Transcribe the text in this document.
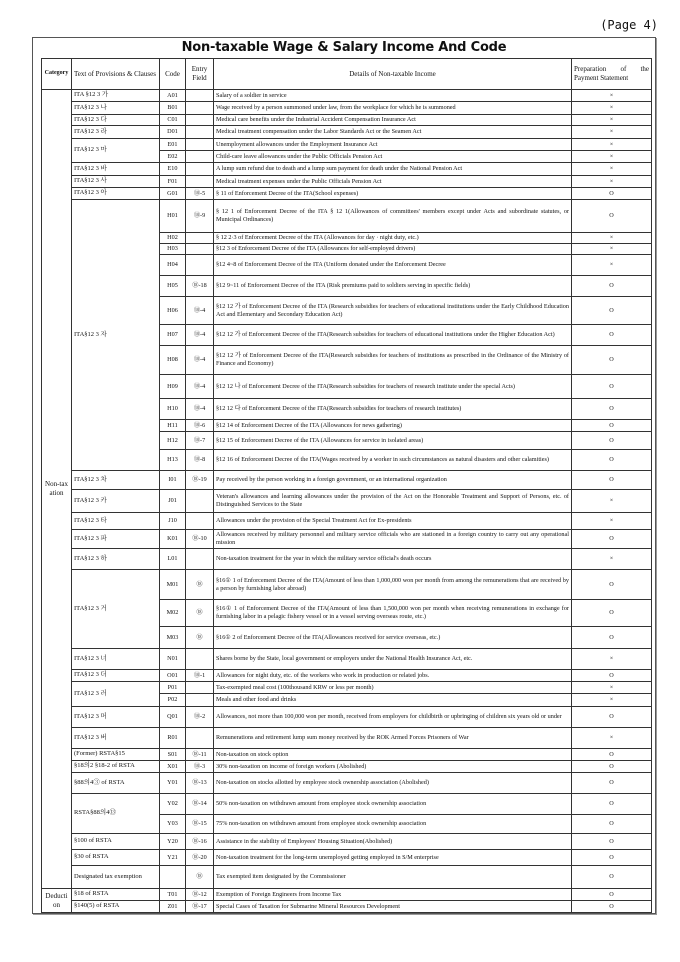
(Page 4)
Non-taxable Wage & Salary Income And Code
Category	Text of Provisions & Clauses	Code	Entry Field	Details of Non-taxable Income	Preparation of the Payment Statement
Non-taxation	ITA §12 3 가	A01		Salary of a soldier in service	×
	ITA§12 3 나	B01		Wage received by a person summoned under law, from the workplace for which he is summoned	×
	ITA§12 3 다	C01		Medical care benefits under the Industrial Accident Compensation Insurance Act	×
	ITA§12 3 라	D01		Medical treatment compensation under the Labor Standards Act or the Seamen Act	×
	ITA§12 3 마	E01		Unemployment allowances under the Employment Insurance Act	×
		E02		Child-care leave allowances under the Public Officials Pension Act	×
	ITA§12 3 바	E10		A lump sum refund due to death and a lump sum payment for death under the National Pension Act	×
	ITA§12 3 사	F01		Medical treatment expenses under the Public Officials Pension Act	×
	ITA§12 3 아	G01	⑱-5	§ 11 of Enforcement Decree of the ITA(School expenses)	O
	ITA§12 3 자	H01	⑱-9	§ 12 1 of Enforcement Decree of the ITA § 12 1(Allowances of committees' members except under Acts and subordinate statutes, or Municipal Ordinances)	O
		H02		§ 12 2·3 of Enforcement Decree of the ITA (Allowances for day · night duty, etc.)	×
		H03		§12 3 of Enforcement Decree of the ITA (Allowances for self-employed drivers)	×
		H04		§12 4~8 of Enforcement Decree of the ITA (Uniform donated under the Enforcement Decree	×
		H05	⑱-18	§12 9~11 of Enforcement Decree of the ITA (Risk premiums paid to soldiers serving in specific fields)	O
		H06	⑱-4	§12 12 가 of Enforcement Decree of the ITA (Research subsidies for teachers of educational institutions under the Early Childhood Education Act and Elementary and Secondary Education Act)	O
		H07	⑱-4	§12 12 가 of Enforcement Decree of the ITA(Research subsidies for teachers of educational institutions under the Higher Education Act)	O
		H08	⑱-4	§12 12 가 of Enforcement Decree of the ITA(Research subsidies for teachers of institutions as prescribed in the Ordinance of the Ministry of Finance and Economy)	O
		H09	⑱-4	§12 12 나 of Enforcement Decree of the ITA(Research subsidies for teachers of research institute under the special Acts)	O
		H10	⑱-4	§12 12 다 of Enforcement Decree of the ITA(Research subsidies for teachers of research institutes)	O
		H11	⑱-6	§12 14 of Enforcement Decree of the ITA (Allowances for news gathering)	O
		H12	⑱-7	§12 15 of Enforcement Decree of the ITA (Allowances for service in isolated areas)	O
		H13	⑱-8	§12 16 of Enforcement Decree of the ITA(Wages received by a worker in such circumstances as natural disasters and other calamities)	O
	ITA§12 3 차	I01	⑱-19	Pay received by the person working in a foreign government, or an international organization	O
	ITA§12 3 카	J01		Veteran's allowances and learning allowances under the provision of the Act on the Honorable Treatment and Support of Persons, etc. of Distinguished Services to the State	×
	ITA§12 3 타	J10		Allowances under the provision of the Special Treatment Act for Ex-presidents	×
	ITA§12 3 파	K01	⑱-10	Allowances received by military personnel and military service officials who are stationed in a foreign country to carry out any operational mission	O
	ITA§12 3 하	L01		Non-taxation treatment for the year in which the military service official's death occurs	×
	ITA§12 3 거	M01	⑱	§16① 1 of Enforcement Decree of the ITA(Amount of less than 1,000,000 won per month from among the remunerations that are received by a person by furnishing labor abroad)	O
		M02	⑱	§16① 1 of Enforcement Decree of the ITA(Amount of less than 1,500,000 won per month when receiving remunerations in exchange for furnishing labor in a pelagic fishery vessel or in a vessel serving overseas route, etc.)	O
		M03	⑱	§16① 2 of Enforcement Decree of the ITA(Allowances received for service overseas, etc.)	O
	ITA§12 3 너	N01		Shares borne by the State, local government or employers under the National Health Insurance Act, etc.	×
	ITA§12 3 더	O01	⑱-1	Allowances for night duty, etc. of the workers who work in production or related jobs.	O
	ITA§12 3 러	P01		Tax-exempted meal cost (100thousand KRW or less per month)	×
		P02		Meals and other food and drinks	×
	ITA§12 3 머	Q01	⑱-2	Allowances, not more than 100,000 won per month, received from employers for childbirth or upbringing of children six years old or under	O
	ITA§12 3 버	R01		Remunerations and retirement lump sum money received by the ROK Armed Forces Prisoners of War	×
	(Former) RSTA§15	S01	⑱-11	Non-taxation on stock option	O
	§18의2 §18-2 of RSTA	X01	⑱-3	30% non-taxation on income of foreign workers (Abolished)	O
	§88의4③ of RSTA	Y01	⑱-13	Non-taxation on stocks allotted by employee stock ownership association (Abolished)	O
	RSTA§88의4⑬	Y02	⑱-14	50% non-taxation on withdrawn amount from employee stock ownership association	O
		Y03	⑱-15	75% non-taxation on withdrawn amount from employee stock ownership association	O
	§100 of RSTA	Y20	⑱-16	Assistance in the stability of Employees' Housing Situation(Abolished)	O
	§30 of RSTA	Y21	⑱-20	Non-taxation treatment for the long-term unemployed getting employed in S/M enterprise	O
	Designated tax exemption		⑱	Tax exempted item designated by the Commissioner	O
Deduction	§18 of RSTA	T01	⑱-12	Exemption of Foreign Engineers from Income Tax	O
	§140(5) of RSTA	Z01	⑱-17	Special Cases of Taxation for Submarine Mineral Resources Development	O
